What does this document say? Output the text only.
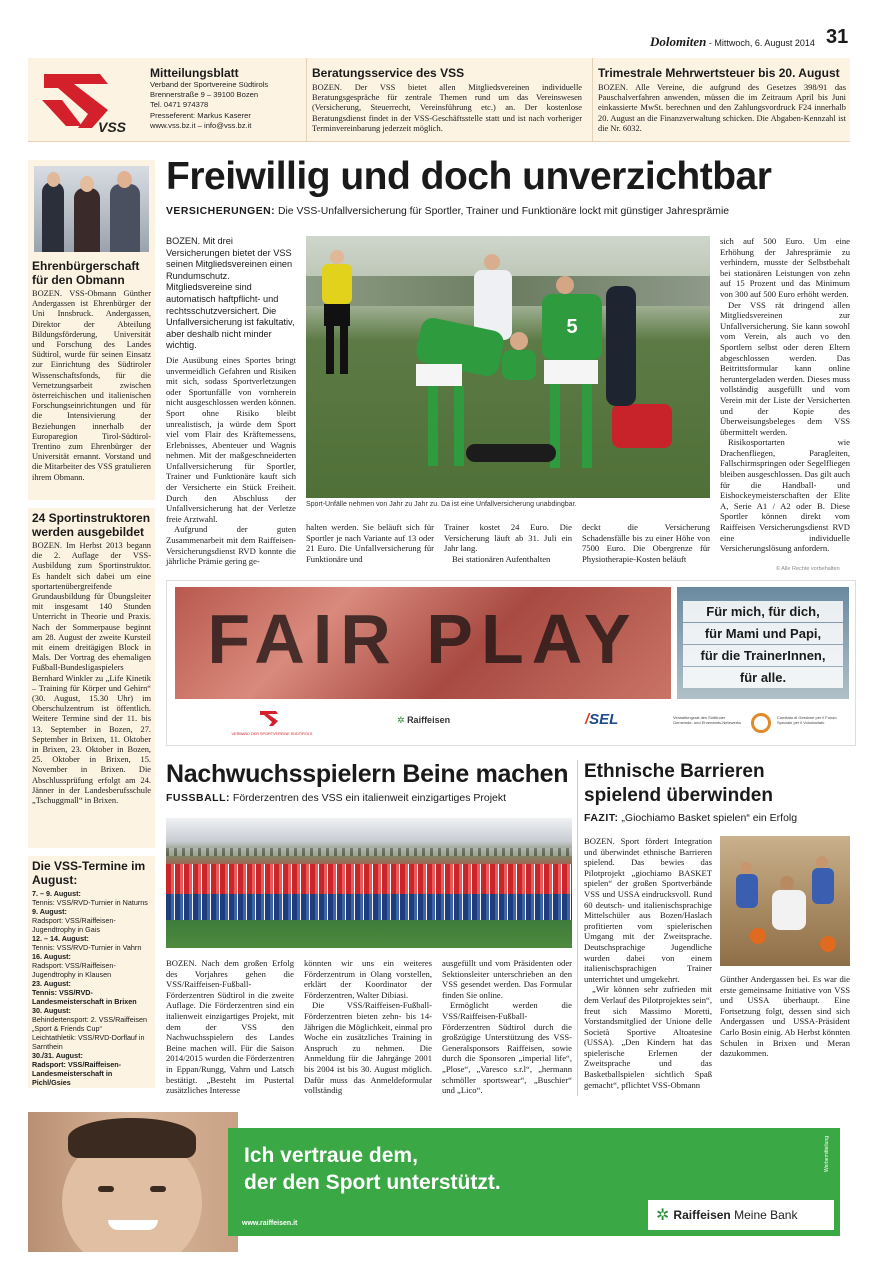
Dolomiten - Mittwoch, 6. August 2014 31
VSS
Mitteilungsblatt
Verband der Sportvereine Südtirols
Brennerstraße 9 – 39100 Bozen
Tel. 0471 974378
Presseferent: Markus Kaserer
www.vss.bz.it – info@vss.bz.it
Beratungsservice des VSS
BOZEN. Der VSS bietet allen Mitgliedsvereinen individuelle Beratungsgespräche für zentrale Themen rund um das Vereinswesen (Versicherung, Steuerrecht, Vereinsführung etc.) an. Der kostenlose Beratungsdienst findet in der VSS-Geschäftsstelle statt und ist nach vorheriger Terminvereinbarung jederzeit möglich.
Trimestrale Mehrwertsteuer bis 20. August
BOZEN. Alle Vereine, die aufgrund des Gesetzes 398/91 das Pauschalverfahren anwenden, müssen die im Zeitraum April bis Juni einkassierte MwSt. berechnen und den Zahlungsvordruck F24 innerhalb 20. August an die Finanzverwaltung schicken. Die Abgaben-Kennzahl ist die Nr. 6032.
Ehrenbürgerschaft für den Obmann
BOZEN. VSS-Obmann Günther Andergassen ist Ehrenbürger der Uni Innsbruck. Andergassen, Direktor der Abteilung Bildungsförderung, Universität und Forschung des Landes Südtirol, wurde für seinen Einsatz zur Einrichtung des Südtiroler Wissenschaftsfonds, für die Vernetzungsarbeit zwischen österreichischen und italienischen Forschungseinrichtungen und für die Intensivierung der Beziehungen innerhalb der Europaregion Tirol-Südtirol-Trentino zum Ehrenbürger der Universität ernannt. Vorstand und die Mitarbeiter des VSS gratulieren ihrem Obmann.
24 Sportinstruktoren werden ausgebildet
BOZEN. Im Herbst 2013 begann die 2. Auflage der VSS-Ausbildung zum Sportinstruktor. Es handelt sich dabei um eine sportartenübergreifende Grundausbildung für Übungsleiter mit insgesamt 140 Stunden Unterricht in Theorie und Praxis. Nach der Sommerpause beginnt am 28. August der zweite Kursteil mit einem dreitägigen Block in Mals. Der Vortrag des ehemaligen Fußball-Bundesligaspielers Bernhard Winkler zu „Life Kinetik – Training für Körper und Gehirn“ (30. August, 15.30 Uhr) im Oberschulzentrum ist öffentlich. Weitere Termine sind der 11. bis 13. September in Bozen, 27. September in Brixen, 11. Oktober in Brixen, 23. Oktober in Bozen, 25. Oktober in Brixen, 15. November in Brixen. Die Abschlussprüfung erfolgt am 24. Jänner in der Landesberufsschule „Tschuggmall“ in Brixen.
Die VSS-Termine im August:
7. – 9. August:
Tennis: VSS/RVD-Turnier in Naturns
9. August:
Radsport: VSS/Raiffeisen-Jugendtrophy in Gais
12. – 14. August:
Tennis: VSS/RVD-Turnier in Vahrn
16. August:
Radsport: VSS/Raiffeisen-Jugendtrophy in Klausen
23. August:
Tennis: VSS/RVD-Landesmeisterschaft in Brixen
30. August:
Behindertensport: 2. VSS/Raiffeisen „Sport & Friends Cup“
Leichtathletik: VSS/RVD-Dorflauf in Sarnthein
30./31. August:
Radsport: VSS/Raiffeisen-Landesmeisterschaft in Pichl/Gsies
Freiwillig und doch unverzichtbar
VERSICHERUNGEN: Die VSS-Unfallversicherung für Sportler, Trainer und Funktionäre lockt mit günstiger Jahresprämie

BOZEN. Mit drei Versicherungen bietet der VSS seinen Mitgliedsvereinen einen Rundumschutz. Mitgliedsvereine sind automatisch haftpflicht- und rechtsschutzversichert. Die Unfallversicherung ist fakultativ, aber deshalb nicht minder wichtig.

Die Ausübung eines Sportes bringt unvermeidlich Gefahren und Risiken mit sich, sodass Sportverletzungen oder Sportunfälle von vornherein nicht ausgeschlossen werden können. Sport ohne Risiko bleibt unrealistisch, ja würde dem Sport viel vom Flair des Kräftemessens, Erlebnisses, Abenteuer und Wagnis nehmen. Mit der maßgeschneiderten Unfallversicherung für Sportler, Trainer und Funktionäre kauft sich der Versicherte ein Stück Freiheit. Durch den Abschluss der Unfallversicherung hat der Verletze freie Arztwahl.

Aufgrund der guten Zusammenarbeit mit dem Raiffeisen-Versicherungsdienst RVD konnte die jährliche Prämie gering ge-

5
Sport-Unfälle nehmen von Jahr zu Jahr zu. Da ist eine Unfallversicherung unabdingbar.

halten werden. Sie beläuft sich für Sportler je nach Variante auf 13 oder 21 Euro. Die Unfallversicherung für Funktionäre und

Trainer kostet 24 Euro. Die Versicherung läuft ab 31. Juli ein Jahr lang.

Bei stationären Aufenthalten

deckt die Versicherung Schadensfälle bis zu einer Höhe von 7500 Euro. Die Obergrenze für Physiotherapie-Kosten beläuft

sich auf 500 Euro. Um eine Erhöhung der Jahresprämie zu verhindern, musste der Selbstbehalt bei stationären Leistungen von zehn auf 15 Prozent und das Minimum von 300 auf 500 Euro erhöht werden.

Der VSS rät dringend allen Mitgliedsvereinen zur Unfallversicherung. Sie kann sowohl vom Verein, als auch vo den Sportlern selbst oder deren Eltern abgeschlossen werden. Das Beitrittsformular kann online heruntergeladen werden. Dieses muss vollständig ausgefüllt und vom Verein mit der Liste der Versicherten und der Kopie des Überweisungsbeleges dem VSS übermittelt werden.

Risikosportarten wie Drachenfliegen, Paragleiten, Fallschirmspringen oder Segelfliegen bleiben ausgeschlossen. Das gilt auch für die Handball- und Eishockeymeisterschaften der Elite A, Serie A1 / A2 oder B. Diese Sportler können direkt vom Raiffeisen Versicherungsdienst RVD eine individuelle Versicherungslösung anfordern.

© Alle Rechte vorbehalten
FAIR PLAY	Für mich, für dich,
für Mami und Papi,
für die TrainerInnen,
für alle.
VERBAND DER SPORTVEREINE SÜDTIROLS
✲ Raiffeisen	/SEL	Verwaltungsrat des Südtiroler Gemeinde- und Ehrenamts-Netzwerks
Comitato di Gestione per il Fondo Speciale per il Volontariato
Nachwuchsspielern Beine machen
FUSSBALL: Förderzentren des VSS ein italienweit einzigartiges Projekt

BOZEN. Nach dem großen Erfolg des Vorjahres gehen die VSS/Raiffeisen-Fußball-Förderzentren Südtirol in die zweite Auflage. Die Förderzentren sind ein italienweit einzigartiges Projekt, mit dem der VSS den Nachwuchsspielern des Landes Beine machen will. Für die Saison 2014/2015 wurden die Förderzentren in Eppan/Rungg, Vahrn und Latsch bestätigt. „Besteht im Pustertal zusätzliches Interesse

könnten wir uns ein weiteres Förderzentrum in Olang vorstellen, erklärt der Koordinator der Förderzentren, Walter Dibiasi.

Die VSS/Raiffeisen-Fußball-Förderzentren bieten zehn- bis 14-Jährigen die Möglichkeit, einmal pro Woche ein zusätzliches Training in Anspruch zu nehmen. Die Anmeldung für die Jahrgänge 2001 bis 2004 ist bis 30. August möglich. Dafür muss das Anmeldeformular vollständig

ausgefüllt und vom Präsidenten oder Sektionsleiter unterschrieben an den VSS gesendet werden. Das Formular finden Sie online.

Ermöglicht werden die VSS/Raiffeisen-Fußball-Förderzentren Südtirol durch die großzügige Unterstützung des VSS-Generalsponsors Raiffeisen, sowie durch die Sponsoren „imperial life“, „Plose“, „Varesco s.r.l“, „hermann schmöller sportswear“, „Buschier“ und „Lico“.

Ethnische Barrieren
spielend überwinden
FAZIT: „Giochiamo Basket spielen“ ein Erfolg

BOZEN. Sport fördert Integration und überwindet ethnische Barrieren spielend. Das bewies das Pilotprojekt „giochiamo BASKET spielen“ der großen Sportverbände VSS und USSA eindrucksvoll. Rund 60 deutsch- und italienischsprachige Mittelschüler aus Bozen/Haslach profitierten vom spielerischen Umgang mit der Zweitsprache. Deutschsprachige Jugendliche wurden dabei von einem italienischsprachigen Trainer unterrichtet und umgekehrt.

„Wir können sehr zufrieden mit dem Verlauf des Pilotprojektes sein“, freut sich Massimo Moretti, Vorstandsmitglied der Unione delle Società Sportive Altoatesine (USSA). „Den Kindern hat das spielerische Erlernen der Zweitsprache und das Basketballspielen sichtlich Spaß gemacht“, pflichtet VSS-Obmann

Günther Andergassen bei. Es war die erste gemeinsame Initiative von VSS und USSA überhaupt. Eine Fortsetzung folgt, dessen sind sich Andergassen und USSA-Präsident Carlo Bosin einig. Ab Herbst könnten Schulen in Brixen und Meran dazukommen.

Ich vertraue dem,
der den Sport unterstützt.
www.raiffeisen.it
Werbemitteilung
✲ Raiffeisen
Meine Bank
